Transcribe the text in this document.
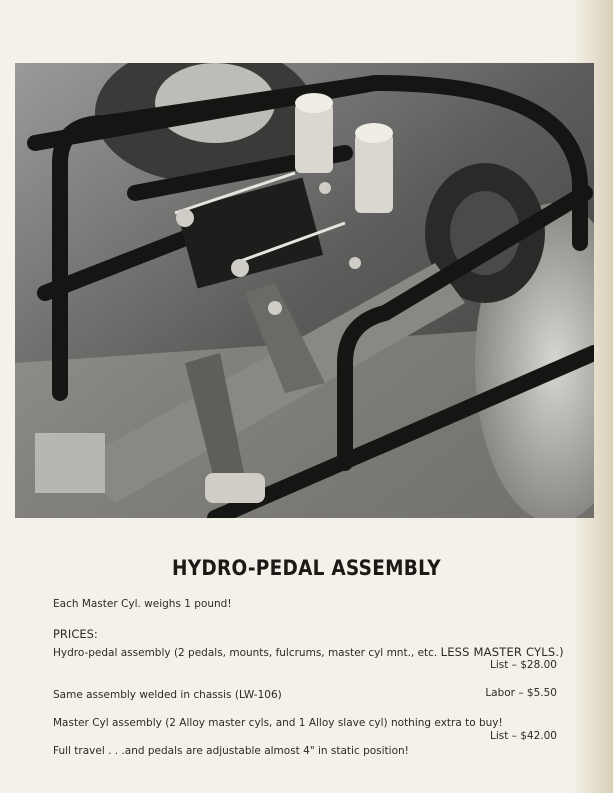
HYDRO-PEDAL ASSEMBLY
Each Master Cyl. weighs 1 pound!
PRICES:
Hydro-pedal assembly (2 pedals, mounts, fulcrums, master cyl mnt., etc. LESS MASTER CYLS.)
List – $28.00
Same assembly welded in chassis (LW-106)	Labor – $5.50
Master Cyl assembly (2 Alloy master cyls, and 1 Alloy slave cyl) nothing extra to buy!
List – $42.00
Full travel . . .and pedals are adjustable almost 4" in static position!
